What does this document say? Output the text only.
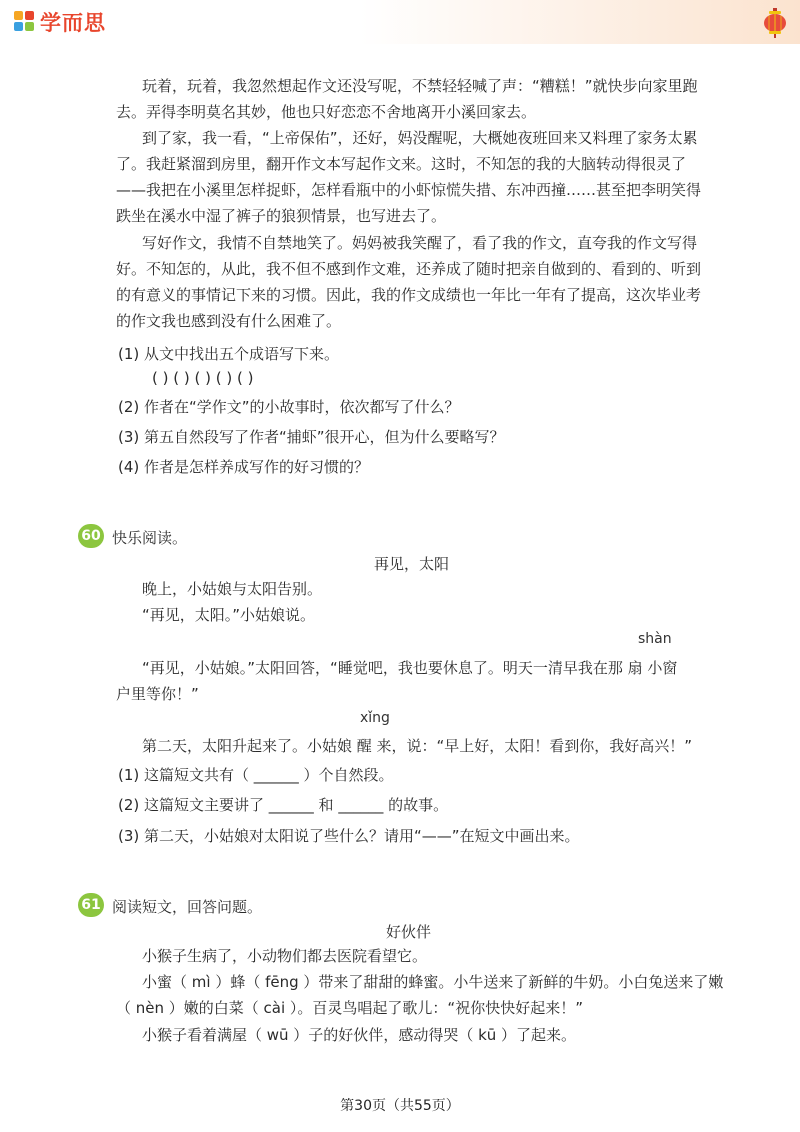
学而思
玩着，玩着，我忽然想起作文还没写呢，不禁轻轻喊了声：“糟糕！”就快步向家里跑
去。弄得李明莫名其妙，他也只好恋恋不舍地离开小溪回家去。
到了家，我一看，“上帝保佑”，还好，妈没醒呢，大概她夜班回来又料理了家务太累
了。我赶紧溜到房里，翻开作文本写起作文来。这时，不知怎的我的大脑转动得很灵了
——我把在小溪里怎样捉虾，怎样看瓶中的小虾惊慌失措、东冲西撞……甚至把李明笑得
跌坐在溪水中湿了裤子的狼狈情景，也写进去了。
写好作文，我情不自禁地笑了。妈妈被我笑醒了，看了我的作文，直夸我的作文写得
好。不知怎的，从此，我不但不感到作文难，还养成了随时把亲自做到的、看到的、听到
的有意义的事情记下来的习惯。因此，我的作文成绩也一年比一年有了提高，这次毕业考
的作文我也感到没有什么困难了。
(1) 从文中找出五个成语写下来。
( ) ( ) ( ) ( ) ( )
(2) 作者在“学作文”的小故事时，依次都写了什么？
(3) 第五自然段写了作者“捕虾”很开心，但为什么要略写？
(4) 作者是怎样养成写作的好习惯的？
60 快乐阅读。
再见，太阳
晚上，小姑娘与太阳告别。
“再见，太阳。”小姑娘说。
shàn
“再见，小姑娘。”太阳回答，“睡觉吧，我也要休息了。明天一清早我在那 扇 小窗
户里等你！”
xǐng
第二天，太阳升起来了。小姑娘 醒 来，说：“早上好，太阳！看到你，我好高兴！”
(1) 这篇短文共有（ ______ ）个自然段。
(2) 这篇短文主要讲了 ______ 和 ______ 的故事。
(3) 第二天，小姑娘对太阳说了些什么？请用“——”在短文中画出来。
61 阅读短文，回答问题。
好伙伴
小猴子生病了，小动物们都去医院看望它。
小蜜（ mì ）蜂（ fēng ）带来了甜甜的蜂蜜。小牛送来了新鲜的牛奶。小白兔送来了嫩
（ nèn ）嫩的白菜（ cài ）。百灵鸟唱起了歌儿：“祝你快快好起来！”
小猴子看着满屋（ wū ）子的好伙伴，感动得哭（ kū ）了起来。
第30页（共55页）
